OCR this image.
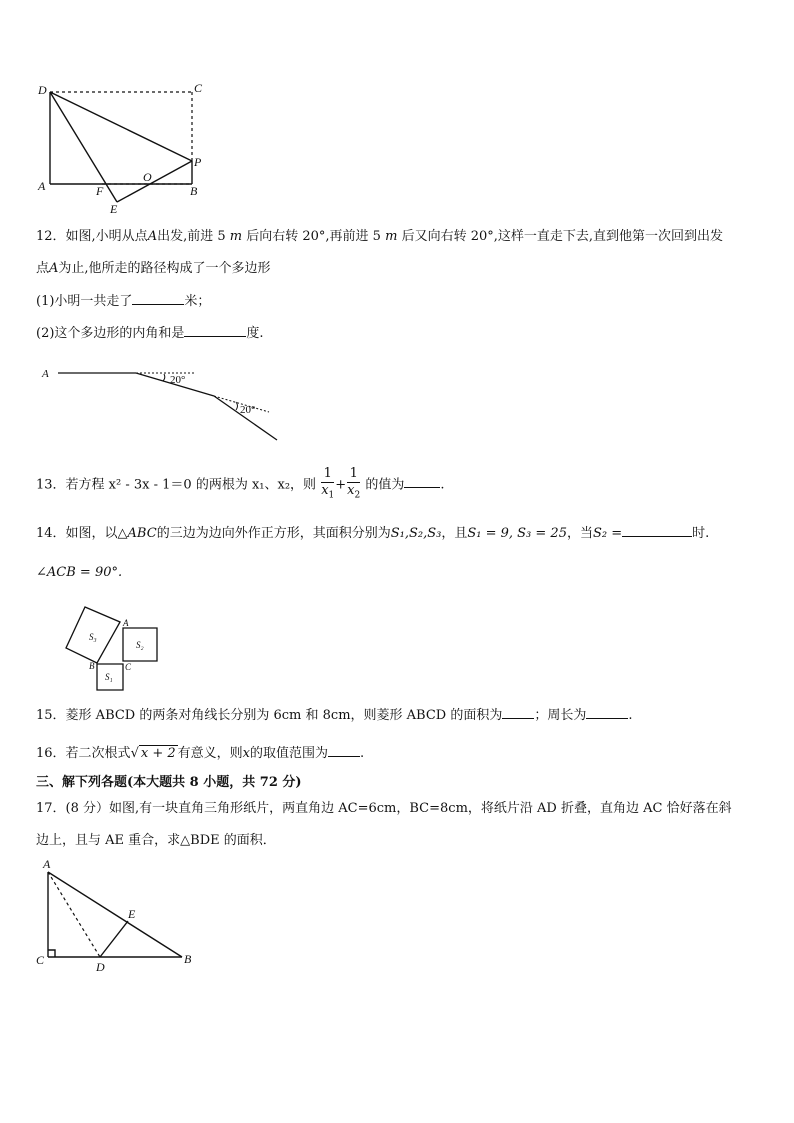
D	C
P
A	F
O
B
E
12．如图,小明从点A出发,前进 5 m 后向右转 20°,再前进 5 m 后又向右转 20°,这样一直走下去,直到他第一次回到出发
点A为止,他所走的路径构成了一个多边形
(1)小明一共走了	米；
(2)这个多边形的内角和是	度.
A	20°
20°
13．若方程 x² - 3x - 1＝0 的两根为 x₁、x₂，则 $\frac{1}{x_1} + \frac{1}{x_2}$ 的值为	.
14．如图，以△ABC的三边为边向外作正方形，其面积分别为S₁,S₂,S₃，且S₁ = 9, S₃ = 25，当S₂ =	时.
∠ACB = 90°.
A
B	C
S₃
S₂
S₁
15．菱形 ABCD 的两条对角线长分别为 6cm 和 8cm，则菱形 ABCD 的面积为 ；周长为	.
16．若二次根式√ x + 2 有意义，则x的取值范围为 .
三、解下列各题(本大题共 8 小题，共 72 分)
17．(8 分）如图,有一块直角三角形纸片，两直角边 AC=6cm，BC=8cm，将纸片沿 AD 折叠，直角边 AC 恰好落在斜
边上，且与 AE 重合，求△BDE 的面积．
A
C	D
E
B
